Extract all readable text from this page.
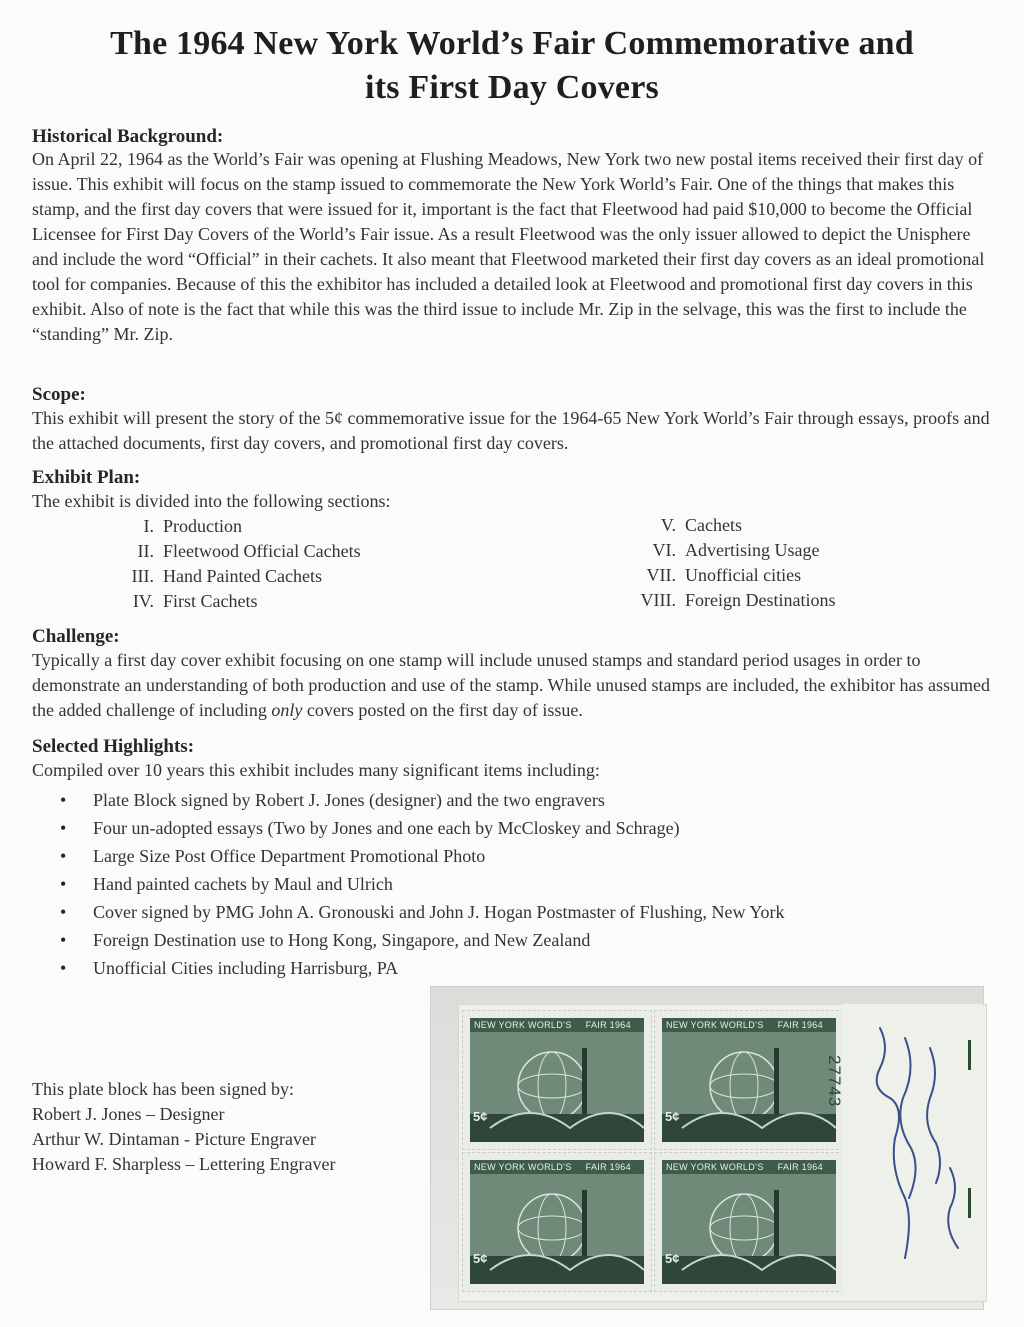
The 1964 New York World’s Fair Commemorative and
its First Day Covers
Historical Background:
On April 22, 1964 as the World’s Fair was opening at Flushing Meadows, New York two new postal items received their first day of issue. This exhibit will focus on the stamp issued to commemorate the New York World’s Fair. One of the things that makes this stamp, and the first day covers that were issued for it, important is the fact that Fleetwood had paid $10,000 to become the Official Licensee for First Day Covers of the World’s Fair issue. As a result Fleetwood was the only issuer allowed to depict the Unisphere and include the word “Official” in their cachets. It also meant that Fleetwood marketed their first day covers as an ideal promotional tool for companies. Because of this the exhibitor has included a detailed look at Fleetwood and promotional first day covers in this exhibit. Also of note is the fact that while this was the third issue to include Mr. Zip in the selvage, this was the first to include the “standing” Mr. Zip.
Scope:
This exhibit will present the story of the 5¢ commemorative issue for the 1964-65 New York World’s Fair through essays, proofs and the attached documents, first day covers, and promotional first day covers.
Exhibit Plan:
The exhibit is divided into the following sections:
I. Production
II. Fleetwood Official Cachets
III. Hand Painted Cachets
IV. First Cachets
V. Cachets
VI. Advertising Usage
VII. Unofficial cities
VIII. Foreign Destinations
Challenge:
Typically a first day cover exhibit focusing on one stamp will include unused stamps and standard period usages in order to demonstrate an understanding of both production and use of the stamp. While unused stamps are included, the exhibitor has assumed the added challenge of including only covers posted on the first day of issue.
Selected Highlights:
Compiled over 10 years this exhibit includes many significant items including:
• Plate Block signed by Robert J. Jones (designer) and the two engravers
• Four un-adopted essays (Two by Jones and one each by McCloskey and Schrage)
• Large Size Post Office Department Promotional Photo
• Hand painted cachets by Maul and Ulrich
• Cover signed by PMG John A. Gronouski and John J. Hogan Postmaster of Flushing, New York
• Foreign Destination use to Hong Kong, Singapore, and New Zealand
• Unofficial Cities including Harrisburg, PA
This plate block has been signed by:
Robert J. Jones – Designer
Arthur W. Dintaman - Picture Engraver
Howard F. Sharpless – Lettering Engraver
NEW YORK WORLD’S FAIR 1964
5¢
NEW YORK WORLD’S FAIR 1964
5¢
NEW YORK WORLD’S FAIR 1964
5¢
NEW YORK WORLD’S FAIR 1964
5¢
27743
